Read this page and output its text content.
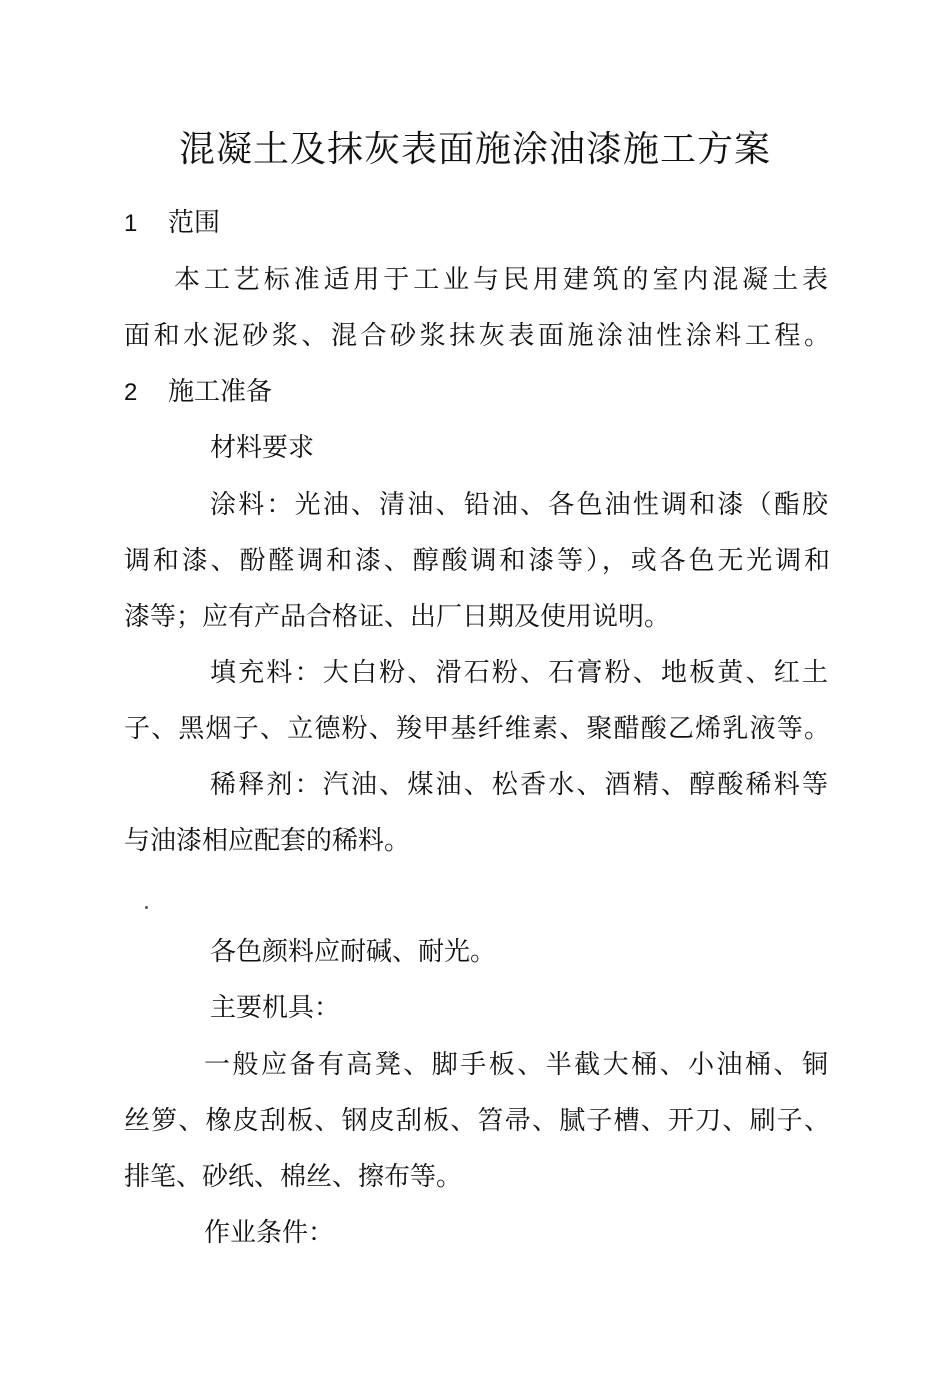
混凝土及抹灰表面施涂油漆施工方案
1 范围
本工艺标准适用于工业与民用建筑的室内混凝土表
面和水泥砂浆、混合砂浆抹灰表面施涂油性涂料工程。
2 施工准备
材料要求
涂料：光油、清油、铅油、各色油性调和漆（酯胶
调和漆、酚醛调和漆、醇酸调和漆等），或各色无光调和
漆等；应有产品合格证、出厂日期及使用说明。
填充料：大白粉、滑石粉、石膏粉、地板黄、红土
子、黑烟子、立德粉、羧甲基纤维素、聚醋酸乙烯乳液等。
稀释剂：汽油、煤油、松香水、酒精、醇酸稀料等
与油漆相应配套的稀料。
各色颜料应耐碱、耐光。
主要机具：
一般应备有高凳、脚手板、半截大桶、小油桶、铜
丝箩、橡皮刮板、钢皮刮板、笤帚、腻子槽、开刀、刷子、
排笔、砂纸、棉丝、擦布等。
作业条件：
